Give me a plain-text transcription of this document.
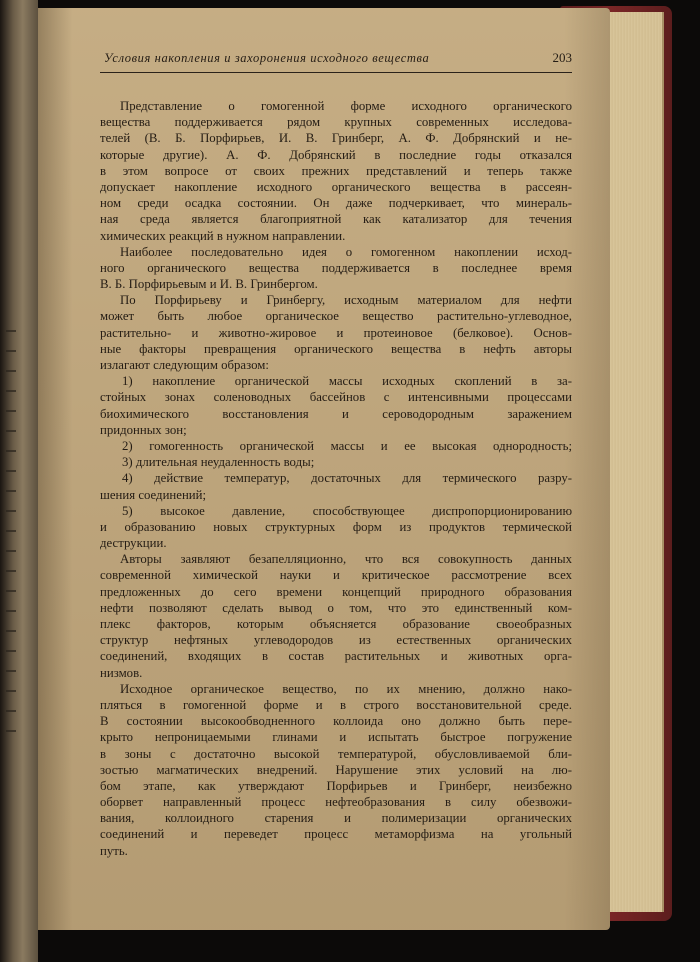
Условия накопления и захоронения исходного вещества	203
Представление о гомогенной форме исходного органического
вещества поддерживается рядом крупных современных исследова-
телей (В. Б. Порфирьев, И. В. Гринберг, А. Ф. Добрянский и не-
которые другие). А. Ф. Добрянский в последние годы отказался
в этом вопросе от своих прежних представлений и теперь также
допускает накопление исходного органического вещества в рассеян-
ном среди осадка состоянии. Он даже подчеркивает, что минераль-
ная среда является благоприятной как катализатор для течения
химических реакций в нужном направлении.
Наиболее последовательно идея о гомогенном накоплении исход-
ного органического вещества поддерживается в последнее время
В. Б. Порфирьевым и И. В. Гринбергом.
По Порфирьеву и Гринбергу, исходным материалом для нефти
может быть любое органическое вещество растительно-углеводное,
растительно- и животно-жировое и протеиновое (белковое). Основ-
ные факторы превращения органического вещества в нефть авторы
излагают следующим образом:
1) накопление органической массы исходных скоплений в за-
стойных зонах соленоводных бассейнов с интенсивными процессами
биохимического восстановления и сероводородным заражением
придонных зон;
2) гомогенность органической массы и ее высокая однородность;
3) длительная неудаленность воды;
4) действие температур, достаточных для термического разру-
шения соединений;
5) высокое давление, способствующее диспропорционированию
и образованию новых структурных форм из продуктов термической
деструкции.
Авторы заявляют безапелляционно, что вся совокупность данных
современной химической науки и критическое рассмотрение всех
предложенных до сего времени концепций природного образования
нефти позволяют сделать вывод о том, что это единственный ком-
плекс факторов, которым объясняется образование своеобразных
структур нефтяных углеводородов из естественных органических
соединений, входящих в состав растительных и животных орга-
низмов.
Исходное органическое вещество, по их мнению, должно нако-
пляться в гомогенной форме и в строго восстановительной среде.
В состоянии высокообводненного коллоида оно должно быть пере-
крыто непроницаемыми глинами и испытать быстрое погружение
в зоны с достаточно высокой температурой, обусловливаемой бли-
зостью магматических внедрений. Нарушение этих условий на лю-
бом этапе, как утверждают Порфирьев и Гринберг, неизбежно
оборвет направленный процесс нефтеобразования в силу обезвожи-
вания, коллоидного старения и полимеризации органических
соединений и переведет процесс метаморфизма на угольный
путь.
